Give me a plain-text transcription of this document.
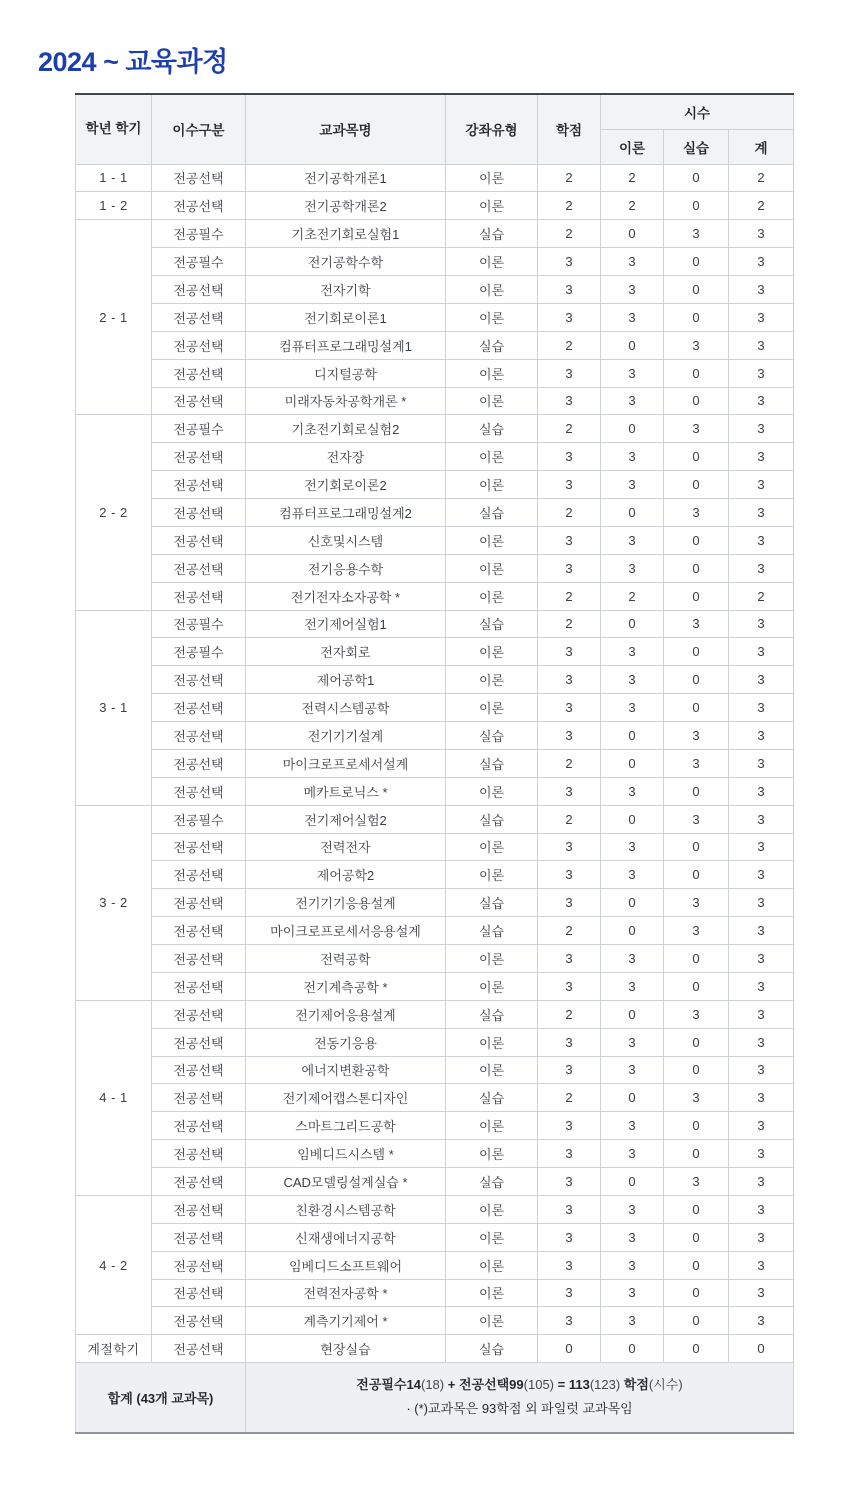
2024 ~ 교육과정
학년 학기	이수구분	교과목명	강좌유형	학점	시수		
					이론	실습	계
1 - 1	전공선택	전기공학개론1	이론	2	2	0	2
1 - 2	전공선택	전기공학개론2	이론	2	2	0	2
2 - 1	전공필수	기초전기회로실험1	실습	2	0	3	3
	전공필수	전기공학수학	이론	3	3	0	3
	전공선택	전자기학	이론	3	3	0	3
	전공선택	전기회로이론1	이론	3	3	0	3
	전공선택	컴퓨터프로그래밍설계1	실습	2	0	3	3
	전공선택	디지털공학	이론	3	3	0	3
	전공선택	미래자동차공학개론 *	이론	3	3	0	3
2 - 2	전공필수	기초전기회로실험2	실습	2	0	3	3
	전공선택	전자장	이론	3	3	0	3
	전공선택	전기회로이론2	이론	3	3	0	3
	전공선택	컴퓨터프로그래밍설계2	실습	2	0	3	3
	전공선택	신호및시스템	이론	3	3	0	3
	전공선택	전기응용수학	이론	3	3	0	3
	전공선택	전기전자소자공학 *	이론	2	2	0	2
3 - 1	전공필수	전기제어실험1	실습	2	0	3	3
	전공필수	전자회로	이론	3	3	0	3
	전공선택	제어공학1	이론	3	3	0	3
	전공선택	전력시스템공학	이론	3	3	0	3
	전공선택	전기기기설계	실습	3	0	3	3
	전공선택	마이크로프로세서설계	실습	2	0	3	3
	전공선택	메카트로닉스 *	이론	3	3	0	3
3 - 2	전공필수	전기제어실험2	실습	2	0	3	3
	전공선택	전력전자	이론	3	3	0	3
	전공선택	제어공학2	이론	3	3	0	3
	전공선택	전기기기응용설계	실습	3	0	3	3
	전공선택	마이크로프로세서응용설계	실습	2	0	3	3
	전공선택	전력공학	이론	3	3	0	3
	전공선택	전기계측공학 *	이론	3	3	0	3
4 - 1	전공선택	전기제어응용설계	실습	2	0	3	3
	전공선택	전동기응용	이론	3	3	0	3
	전공선택	에너지변환공학	이론	3	3	0	3
	전공선택	전기제어캡스톤디자인	실습	2	0	3	3
	전공선택	스마트그리드공학	이론	3	3	0	3
	전공선택	임베디드시스템 *	이론	3	3	0	3
	전공선택	CAD모델링설계실습 *	실습	3	0	3	3
4 - 2	전공선택	친환경시스템공학	이론	3	3	0	3
	전공선택	신재생에너지공학	이론	3	3	0	3
	전공선택	임베디드소프트웨어	이론	3	3	0	3
	전공선택	전력전자공학 *	이론	3	3	0	3
	전공선택	계측기기제어 *	이론	3	3	0	3
계절학기	전공선택	현장실습	실습	0	0	0	0
합계 (43개 교과목)		전공필수14(18) + 전공선택99(105) = 113(123) 학점(시수)
· (*)교과목은 93학점 외 파일럿 교과목임					
